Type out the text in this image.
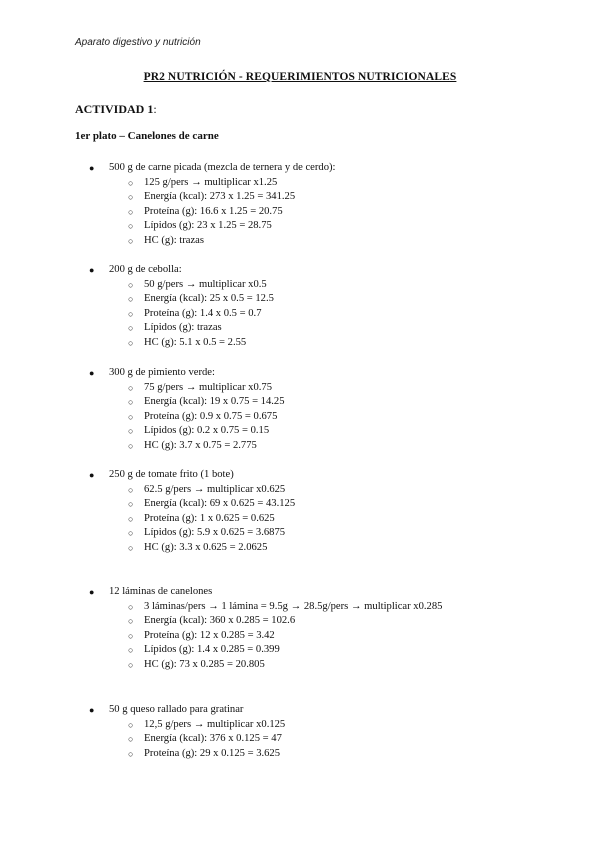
Aparato digestivo y nutrición
PR2 NUTRICIÓN - REQUERIMIENTOS NUTRICIONALES
ACTIVIDAD 1:
1er plato – Canelones de carne
● 500 g de carne picada (mezcla de ternera y de cerdo):
○ 125 g/pers → multiplicar x1.25
○ Energía (kcal): 273 x 1.25 = 341.25
○ Proteína (g): 16.6 x 1.25 = 20.75
○ Lípidos (g): 23 x 1.25 = 28.75
○ HC (g): trazas
● 200 g de cebolla:
○ 50 g/pers → multiplicar x0.5
○ Energía (kcal): 25 x 0.5 = 12.5
○ Proteína (g): 1.4 x 0.5 = 0.7
○ Lípidos (g): trazas
○ HC (g): 5.1 x 0.5 = 2.55
● 300 g de pimiento verde:
○ 75 g/pers → multiplicar x0.75
○ Energía (kcal): 19 x 0.75 = 14.25
○ Proteína (g): 0.9 x 0.75 = 0.675
○ Lípidos (g): 0.2 x 0.75 = 0.15
○ HC (g): 3.7 x 0.75 = 2.775
● 250 g de tomate frito (1 bote)
○ 62.5 g/pers → multiplicar x0.625
○ Energía (kcal): 69 x 0.625 = 43.125
○ Proteína (g): 1 x 0.625 = 0.625
○ Lípidos (g): 5.9 x 0.625 = 3.6875
○ HC (g): 3.3 x 0.625 = 2.0625
● 12 láminas de canelones
○ 3 láminas/pers → 1 lámina = 9.5g → 28.5g/pers → multiplicar x0.285
○ Energía (kcal): 360 x 0.285 = 102.6
○ Proteína (g): 12 x 0.285 = 3.42
○ Lípidos (g): 1.4 x 0.285 = 0.399
○ HC (g): 73 x 0.285 = 20.805
● 50 g queso rallado para gratinar
○ 12,5 g/pers → multiplicar x0.125
○ Energía (kcal): 376 x 0.125 = 47
○ Proteína (g): 29 x 0.125 = 3.625
